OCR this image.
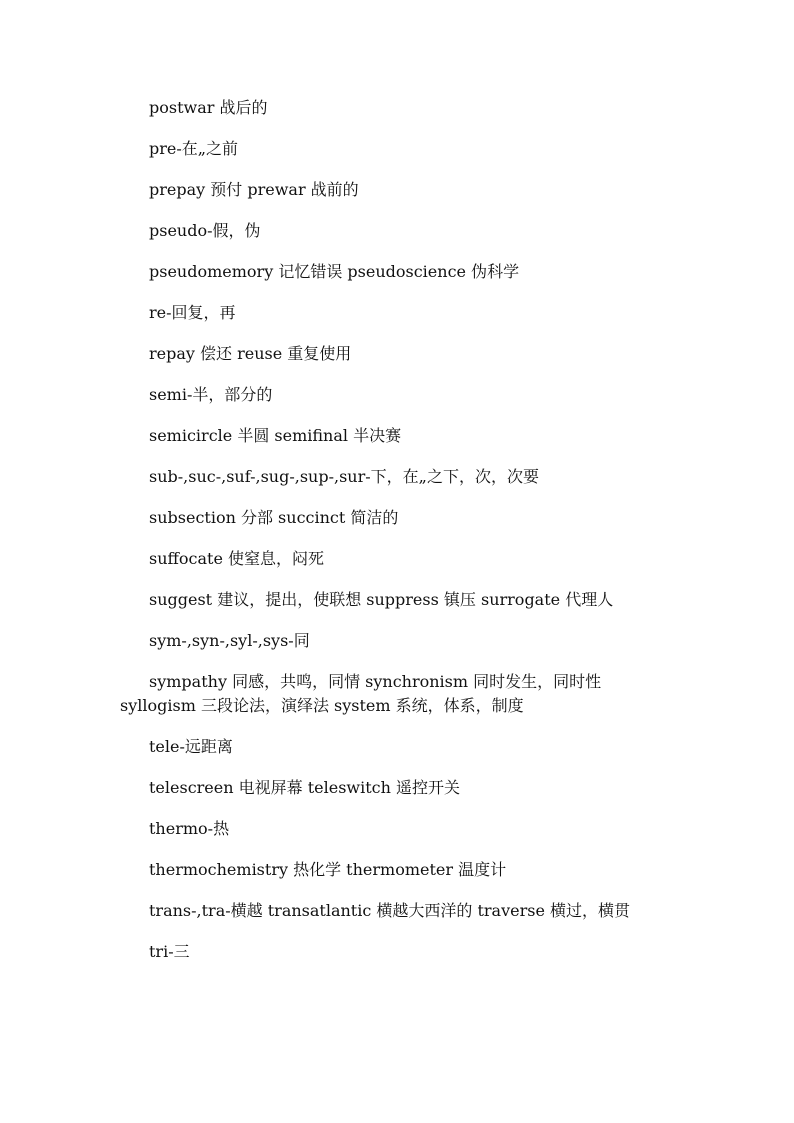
postwar 战后的

pre-在„之前

prepay 预付 prewar 战前的

pseudo-假，伪

pseudomemory 记忆错误 pseudoscience 伪科学

re-回复，再

repay 偿还 reuse 重复使用

semi-半，部分的

semicircle 半圆 semifinal 半决赛

sub-,suc-,suf-,sug-,sup-,sur-下，在„之下，次，次要

subsection 分部 succinct 简洁的

suffocate 使窒息，闷死

suggest 建议，提出，使联想 suppress 镇压 surrogate 代理人

sym-,syn-,syl-,sys-同

sympathy 同感，共鸣，同情 synchronism 同时发生，同时性 syllogism 三段论法，演绎法 system 系统，体系，制度

tele-远距离

telescreen 电视屏幕 teleswitch 遥控开关

thermo-热

thermochemistry 热化学 thermometer 温度计

trans-,tra-横越 transatlantic 横越大西洋的 traverse 横过，横贯

tri-三
